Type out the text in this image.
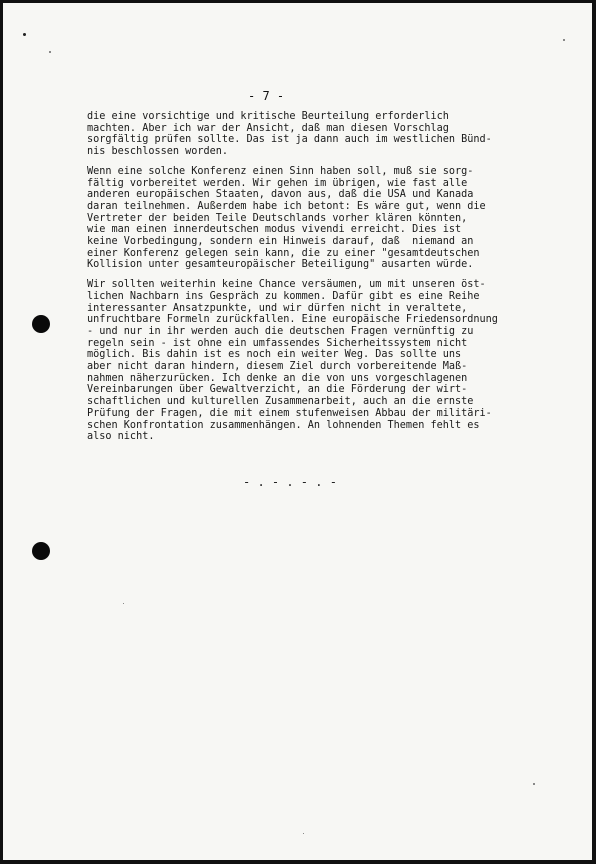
- 7 -
die eine vorsichtige und kritische Beurteilung erforderlich
machten. Aber ich war der Ansicht, daß man diesen Vorschlag
sorgfältig prüfen sollte. Das ist ja dann auch im westlichen Bünd-
nis beschlossen worden.
Wenn eine solche Konferenz einen Sinn haben soll, muß sie sorg-
fältig vorbereitet werden. Wir gehen im übrigen, wie fast alle
anderen europäischen Staaten, davon aus, daß die USA und Kanada
daran teilnehmen. Außerdem habe ich betont: Es wäre gut, wenn die
Vertreter der beiden Teile Deutschlands vorher klären könnten,
wie man einen innerdeutschen modus vivendi erreicht. Dies ist
keine Vorbedingung, sondern ein Hinweis darauf, daß  niemand an
einer Konferenz gelegen sein kann, die zu einer "gesamtdeutschen
Kollision unter gesamteuropäischer Beteiligung" ausarten würde.
Wir sollten weiterhin keine Chance versäumen, um mit unseren öst-
lichen Nachbarn ins Gespräch zu kommen. Dafür gibt es eine Reihe
interessanter Ansatzpunkte, und wir dürfen nicht in veraltete,
unfruchtbare Formeln zurückfallen. Eine europäische Friedensordnung
- und nur in ihr werden auch die deutschen Fragen vernünftig zu
regeln sein - ist ohne ein umfassendes Sicherheitssystem nicht
möglich. Bis dahin ist es noch ein weiter Weg. Das sollte uns
aber nicht daran hindern, diesem Ziel durch vorbereitende Maß-
nahmen näherzurücken. Ich denke an die von uns vorgeschlagenen
Vereinbarungen über Gewaltverzicht, an die Förderung der wirt-
schaftlichen und kulturellen Zusammenarbeit, auch an die ernste
Prüfung der Fragen, die mit einem stufenweisen Abbau der militäri-
schen Konfrontation zusammenhängen. An lohnenden Themen fehlt es
also nicht.
- . - . - . -
